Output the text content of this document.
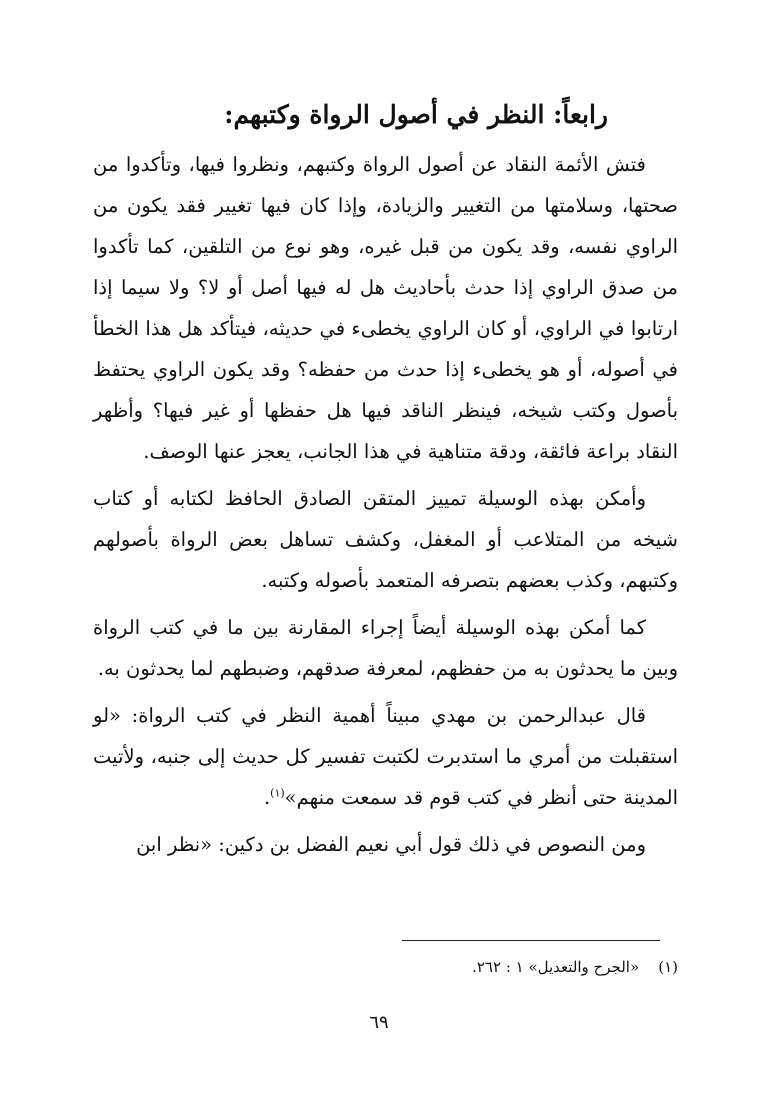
رابعاً: النظر في أصول الرواة وكتبهم:

فتش الأئمة النقاد عن أصول الرواة وكتبهم، ونظروا فيها، وتأكدوا من صحتها، وسلامتها من التغيير والزيادة، وإذا كان فيها تغيير فقد يكون من الراوي نفسه، وقد يكون من قبل غيره، وهو نوع من التلقين، كما تأكدوا من صدق الراوي إذا حدث بأحاديث هل له فيها أصل أو لا؟ ولا سيما إذا ارتابوا في الراوي، أو كان الراوي يخطىء في حديثه، فيتأكد هل هذا الخطأ في أصوله، أو هو يخطىء إذا حدث من حفظه؟ وقد يكون الراوي يحتفظ بأصول وكتب شيخه، فينظر الناقد فيها هل حفظها أو غير فيها؟ وأظهر النقاد براعة فائقة، ودقة متناهية في هذا الجانب، يعجز عنها الوصف.

وأمكن بهذه الوسيلة تمييز المتقن الصادق الحافظ لكتابه أو كتاب شيخه من المتلاعب أو المغفل، وكشف تساهل بعض الرواة بأصولهم وكتبهم، وكذب بعضهم بتصرفه المتعمد بأصوله وكتبه.

كما أمكن بهذه الوسيلة أيضاً إجراء المقارنة بين ما في كتب الرواة وبين ما يحدثون به من حفظهم، لمعرفة صدقهم، وضبطهم لما يحدثون به.

قال عبدالرحمن بن مهدي مبيناً أهمية النظر في كتب الرواة: «لو استقبلت من أمري ما استدبرت لكتبت تفسير كل حديث إلى جنبه، ولأتيت المدينة حتى أنظر في كتب قوم قد سمعت منهم»$^{(١)}$.

ومن النصوص في ذلك قول أبي نعيم الفضل بن دكين: «نظر ابن

(١)    «الجرح والتعديل» ١ : ٢٦٢.
٦٩
